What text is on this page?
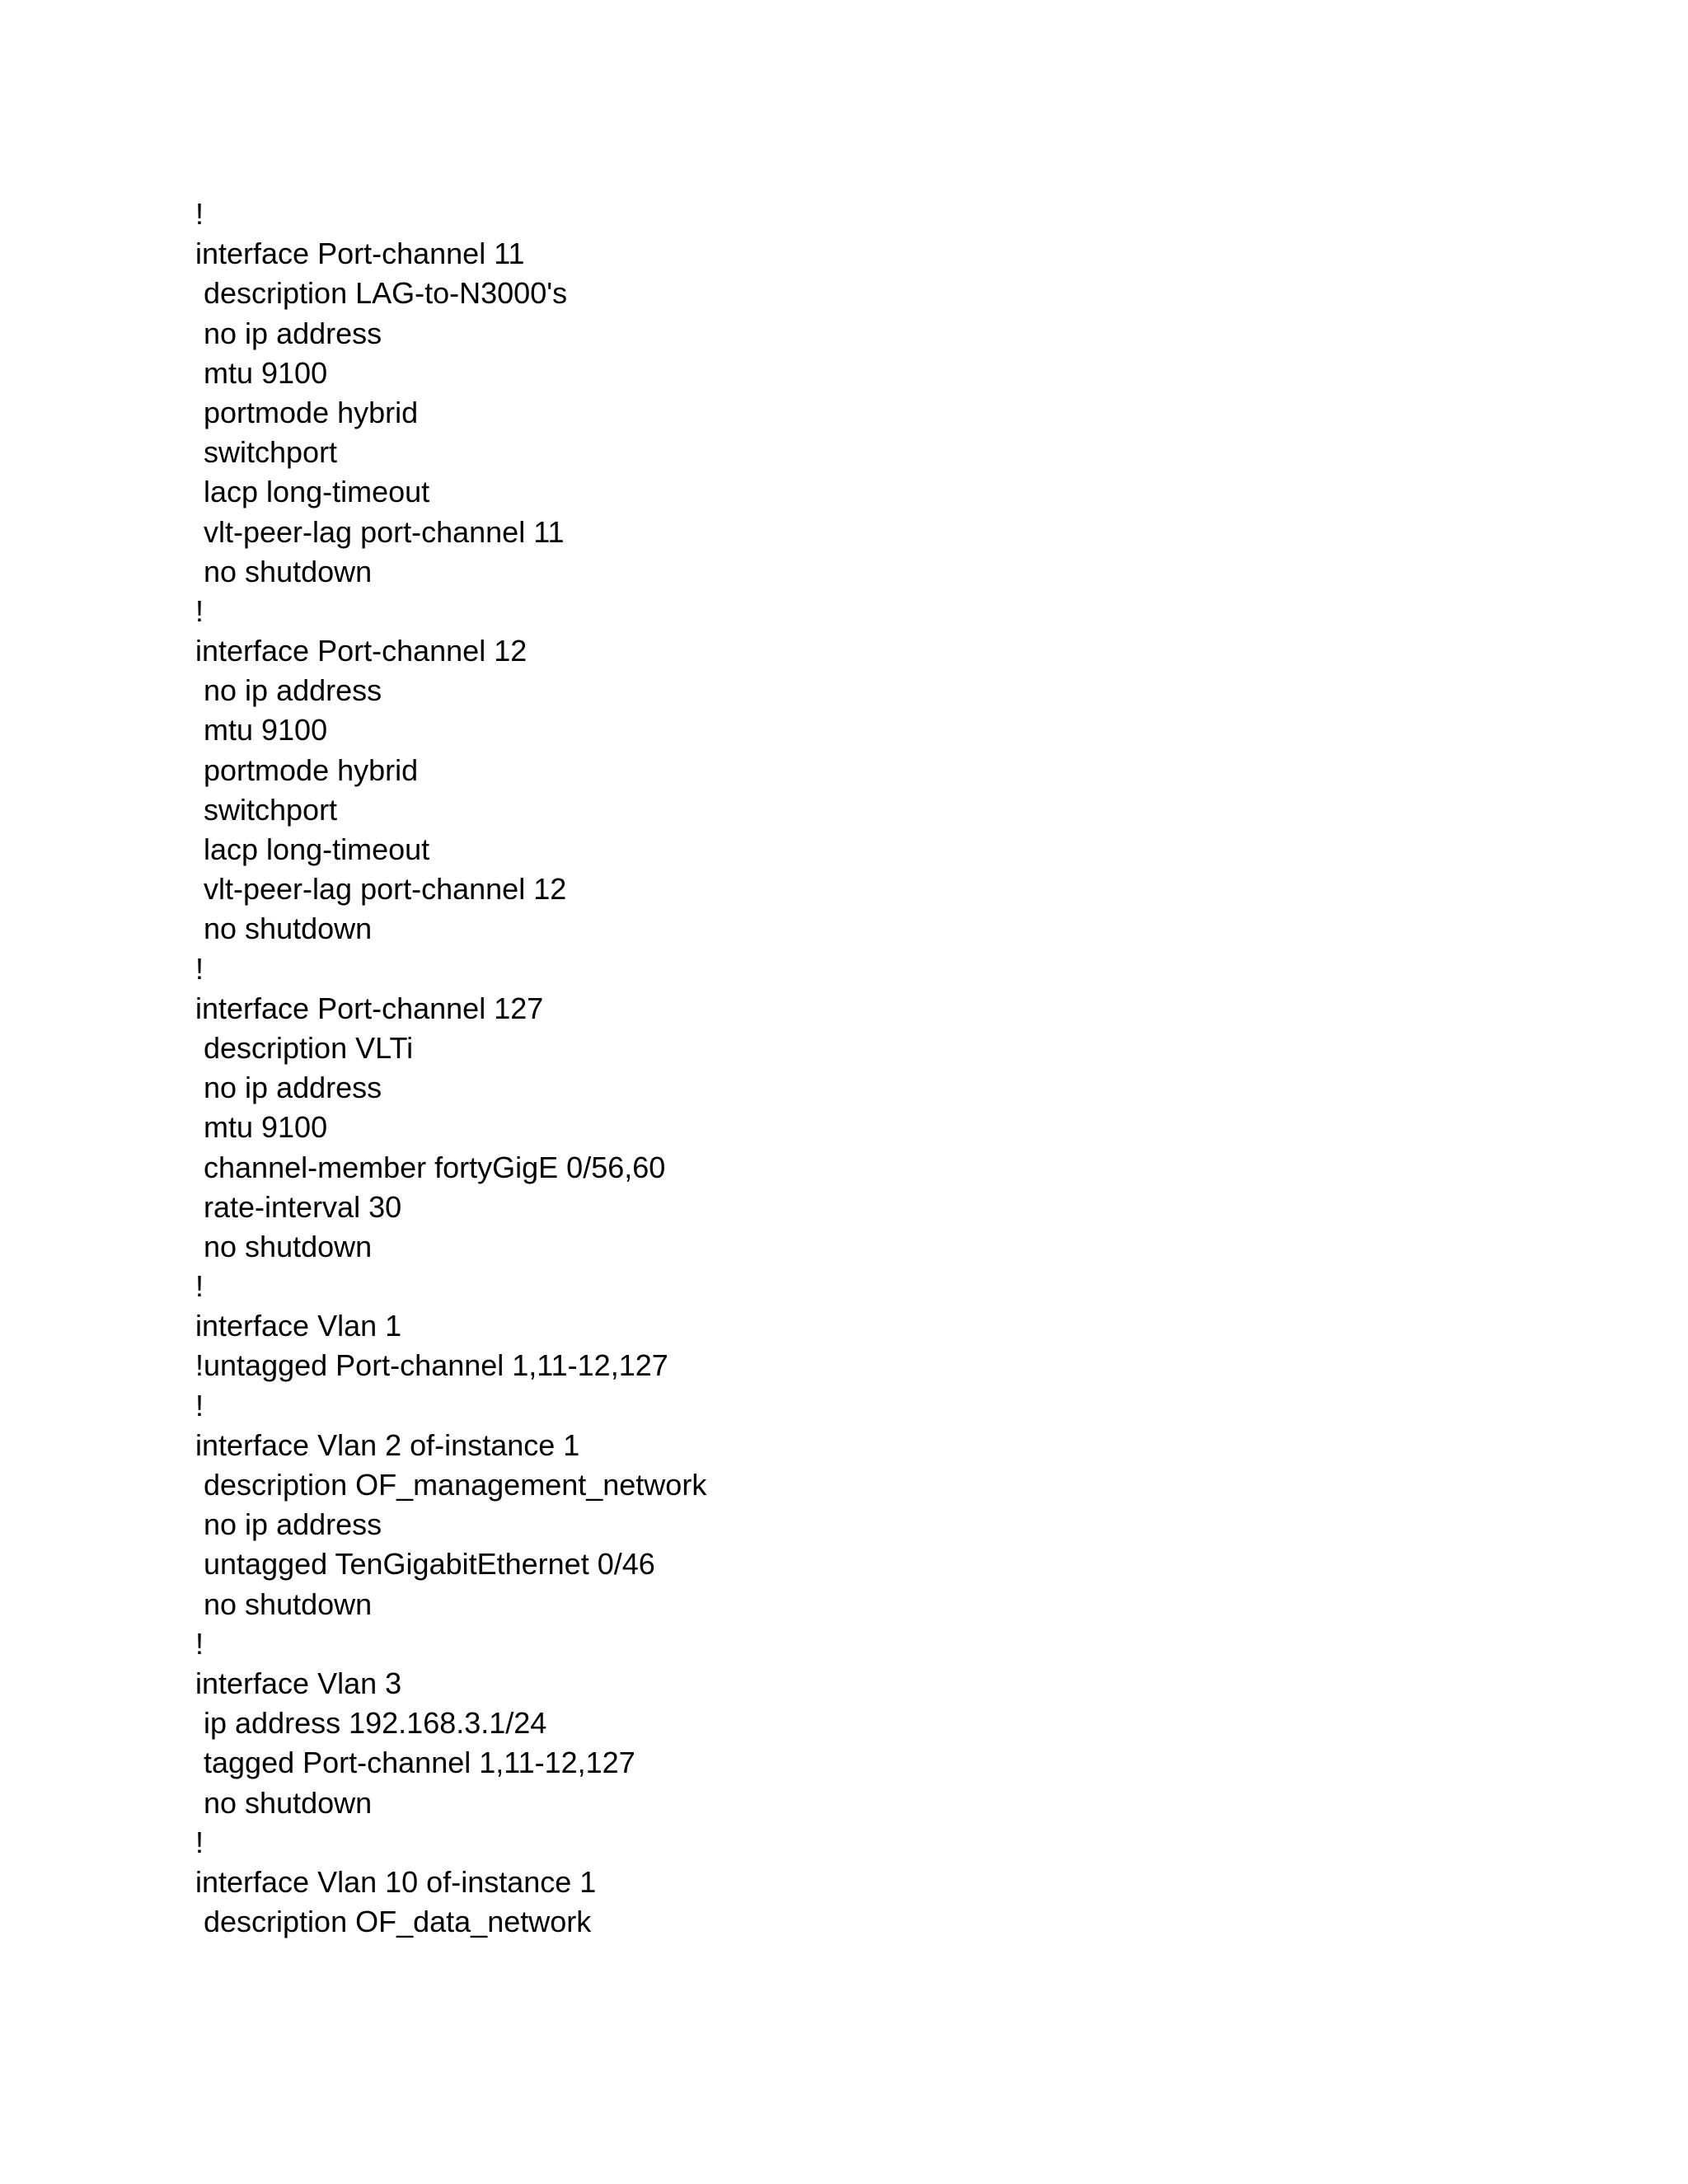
!
interface Port-channel 11
description LAG-to-N3000's
no ip address
mtu 9100
portmode hybrid
switchport
lacp long-timeout
vlt-peer-lag port-channel 11
no shutdown
!
interface Port-channel 12
no ip address
mtu 9100
portmode hybrid
switchport
lacp long-timeout
vlt-peer-lag port-channel 12
no shutdown
!
interface Port-channel 127
description VLTi
no ip address
mtu 9100
channel-member fortyGigE 0/56,60
rate-interval 30
no shutdown
!
interface Vlan 1
!untagged Port-channel 1,11-12,127
!
interface Vlan 2 of-instance 1
description OF_management_network
no ip address
untagged TenGigabitEthernet 0/46
no shutdown
!
interface Vlan 3
ip address 192.168.3.1/24
tagged Port-channel 1,11-12,127
no shutdown
!
interface Vlan 10 of-instance 1
description OF_data_network
